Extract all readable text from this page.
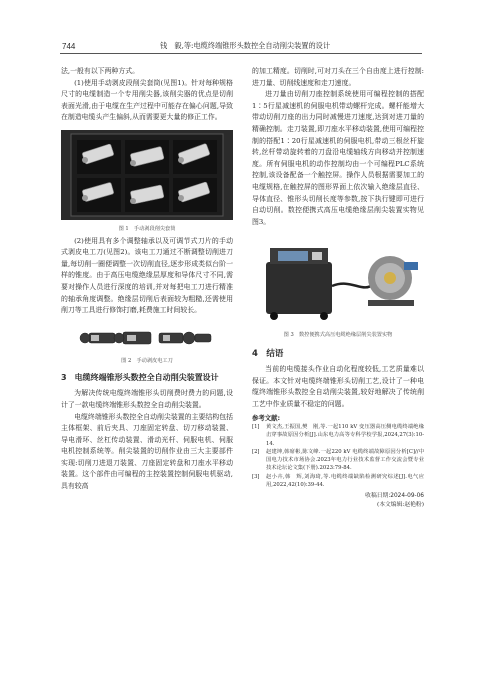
744	钱　毅,等:电缆终端锥形头数控全自动削尖装置的设计

法,一般有以下两种方式。

(1)使用手动剥皮段削尖套筒(见图1)。针对每种规格尺寸的电缆制造一个专用削尖器,该削尖器的优点是切削表面光滑,由于电缆在生产过程中可能存在偏心问题,导致在制造电缆头产生偏斜,从而需要更大量的修正工作。

图 1　手动剥段削尖套筒

(2)使用具有多个调整轴承以及可调节式刀片的手动式剥皮电工刀(见图2)。该电工刀通过不断调整切削进刀量,每切削一圈便调整一次切削直径,逐步形成类似台阶一样的锥度。由于高压电缆绝缘层厚度和导体尺寸不同,需要对操作人员进行深度的培训,并对每把电工刀进行精准的轴承角度调整。绝缘层切削后表面较为粗糙,还需使用削刀等工具进行修饰打磨,耗费施工时间较长。

图 2　手动剥皮电工刀
3　电缆终端锥形头数控全自动削尖装置设计

为解决传统电缆终端锥形头切削费时费力的问题,设计了一款电缆终端锥形头数控全自动削尖装置。

电缆终端锥形头数控全自动削尖装置的主要结构包括主体框架、前后夹具、刀座固定转盘、切刀移动装置、导电滑环、丝杠传动装置、滑动光杆、伺服电机、伺服电机控制系统等。削尖装置的切削作业由三大主要部件实现:切削刀进退刀装置、刀座固定转盘和刀座水平移动装置。这个部件由可编程的主控装置控制伺服电机驱动,具有较高

的加工精度。切削时,可对刀头在三个自由度上进行控制:进刀量、切削线速度和走刀速度。

进刀量由切削刀座控制系统使用可编程控制的搭配1∶5行星减速机的伺服电机带动螺杆完成。螺杆能增大带动切削刀座的出力同时减慢进刀速度,达到对进刀量的精确控制。走刀装置,即刀座水平移动装置,使用可编程控制的搭配1∶20行星减速机的伺服电机,带动三根丝杆旋转,丝杆带动旋转着的刀盘沿电缆轴线方向移动并控制速度。所有伺服电机的动作控制均由一个可编程PLC系统控制,该设备配备一个触控屏。操作人员根据需要加工的电缆规格,在触控屏的图形界面上依次输入绝缘层直径、导体直径、锥形头切削长度等参数,按下执行键即可进行自动切削。数控便携式高压电缆绝缘层削尖装置实物见图3。

图 3　数控便携式高压电缆绝缘层削尖装置实物
4　结语

当前的电缆接头作业自动化程度较低,工艺质量难以保证。本文针对电缆终端锥形头切削工艺,设计了一种电缆终端锥形头数控全自动削尖装置,较好地解决了传统削工艺中作业质量不稳定的问题。

参考文献:
[1]	黄文杰,王振国,樊　刚,等.一起110 kV 变压器高压侧电缆终端绝缘击穿事故原因分析[J].山东电力高等专科学校学报,2024,27(3):10-14.
[2]	赵建坤,韩席彬,陈文峰.一起220 kV 电缆终端故障原因分析[C]//中国电力技术市场协会.2023年电力行业技术监督工作交流会暨专业技术论坛论文集(下册).2023:79-84.
[3]	赵小卉,韩　辉,刘海琦,等.电缆终端缺陷检测研究综述[J].电气应用,2022,42(10):39-44.
收稿日期:2024-09-06
(本文编辑:赵艳粉)
